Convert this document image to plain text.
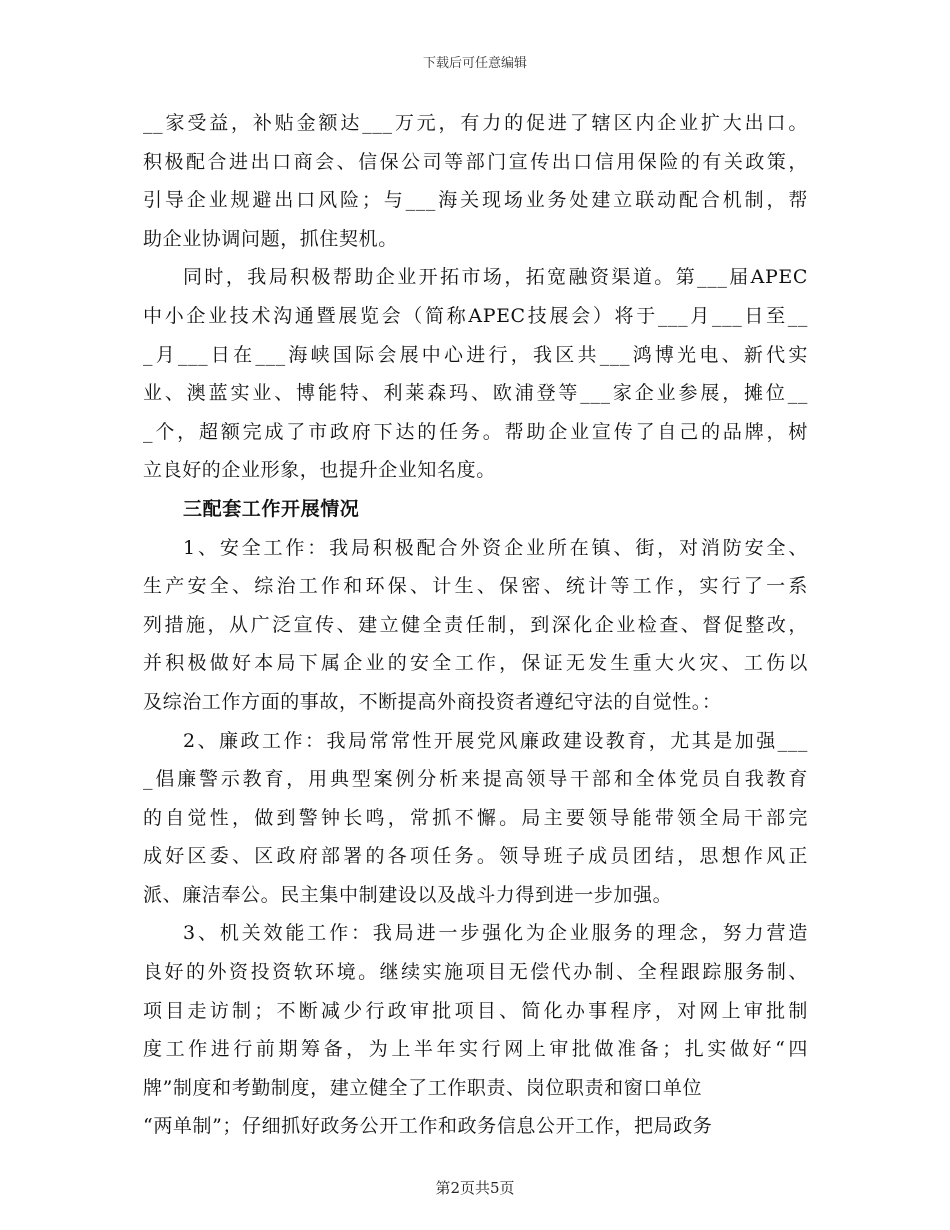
下载后可任意编辑
__家受益，补贴金额达___万元，有力的促进了辖区内企业扩大出口。
积极配合进出口商会、信保公司等部门宣传出口信用保险的有关政策，
引导企业规避出口风险；与___海关现场业务处建立联动配合机制，帮
助企业协调问题，抓住契机。
同时，我局积极帮助企业开拓市场，拓宽融资渠道。第___届APEC
中小企业技术沟通暨展览会（简称APEC技展会）将于___月___日至__
_月___日在___海峡国际会展中心进行，我区共___鸿博光电、新代实
业、澳蓝实业、博能特、利莱森玛、欧浦登等___家企业参展，摊位__
_个，超额完成了市政府下达的任务。帮助企业宣传了自己的品牌，树
立良好的企业形象，也提升企业知名度。
三配套工作开展情况
1、安全工作：我局积极配合外资企业所在镇、街，对消防安全、
生产安全、综治工作和环保、计生、保密、统计等工作，实行了一系
列措施，从广泛宣传、建立健全责任制，到深化企业检查、督促整改，
并积极做好本局下属企业的安全工作，保证无发生重大火灾、工伤以
及综治工作方面的事故，不断提高外商投资者遵纪守法的自觉性。：
2、廉政工作：我局常常性开展党风廉政建设教育，尤其是加强___
_倡廉警示教育，用典型案例分析来提高领导干部和全体党员自我教育
的自觉性，做到警钟长鸣，常抓不懈。局主要领导能带领全局干部完
成好区委、区政府部署的各项任务。领导班子成员团结，思想作风正
派、廉洁奉公。民主集中制建设以及战斗力得到进一步加强。
3、机关效能工作：我局进一步强化为企业服务的理念，努力营造
良好的外资投资软环境。继续实施项目无偿代办制、全程跟踪服务制、
项目走访制；不断减少行政审批项目、简化办事程序，对网上审批制
度工作进行前期筹备，为上半年实行网上审批做准备；扎实做好“四
牌”制度和考勤制度，建立健全了工作职责、岗位职责和窗口单位
“两单制”；仔细抓好政务公开工作和政务信息公开工作，把局政务
第2页共5页
